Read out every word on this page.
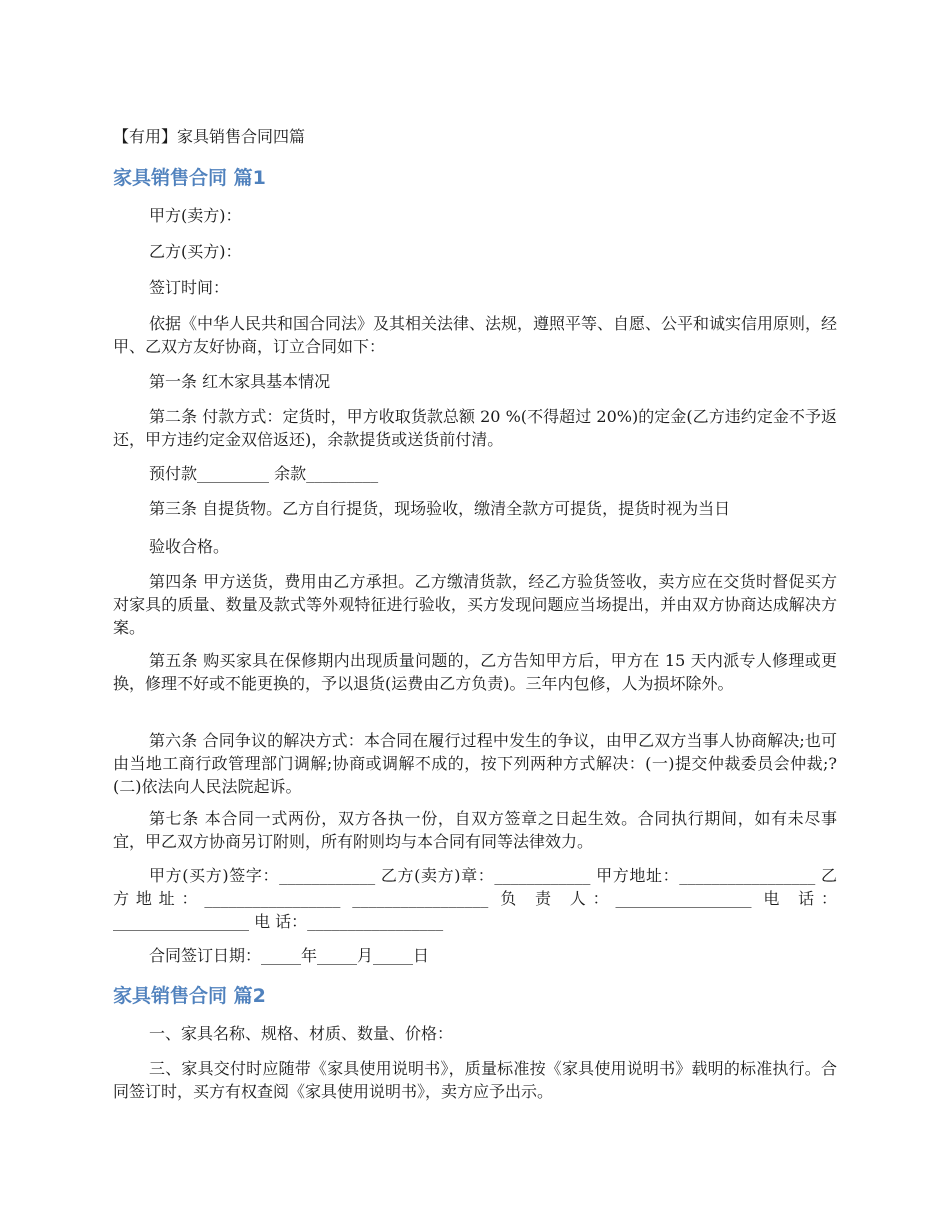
【有用】家具销售合同四篇
家具销售合同 篇1

甲方(卖方)：

乙方(买方)：

签订时间：

依据《中华人民共和国合同法》及其相关法律、法规，遵照平等、自愿、公平和诚实信用原则，经甲、乙双方友好协商，订立合同如下：

第一条 红木家具基本情况

第二条 付款方式：定货时，甲方收取货款总额 20 %(不得超过 20%)的定金(乙方违约定金不予返还，甲方违约定金双倍返还)，余款提货或送货前付清。

预付款_________ 余款_________

第三条 自提货物。乙方自行提货，现场验收，缴清全款方可提货，提货时视为当日

验收合格。

第四条 甲方送货，费用由乙方承担。乙方缴清货款，经乙方验货签收，卖方应在交货时督促买方对家具的质量、数量及款式等外观特征进行验收，买方发现问题应当场提出，并由双方协商达成解决方案。

第五条 购买家具在保修期内出现质量问题的，乙方告知甲方后，甲方在 15 天内派专人修理或更换，修理不好或不能更换的，予以退货(运费由乙方负责)。三年内包修，人为损坏除外。

第六条 合同争议的解决方式：本合同在履行过程中发生的争议，由甲乙双方当事人协商解决;也可由当地工商行政管理部门调解;协商或调解不成的，按下列两种方式解决：(一)提交仲裁委员会仲裁;? (二)依法向人民法院起诉。

第七条 本合同一式两份，双方各执一份，自双方签章之日起生效。合同执行期间，如有未尽事宜，甲乙双方协商另订附则，所有附则均与本合同有同等法律效力。

甲方(买方)签字：____________ 乙方(卖方)章：____________ 甲方地址：_________________ 乙方地址：_________________ _________________ 负 责 人：_________________ 电 话：_________________ 电 话：_________________

合同签订日期：_____年_____月_____日

家具销售合同 篇2

一、家具名称、规格、材质、数量、价格：

三、家具交付时应随带《家具使用说明书》，质量标准按《家具使用说明书》载明的标准执行。合同签订时，买方有权查阅《家具使用说明书》，卖方应予出示。
